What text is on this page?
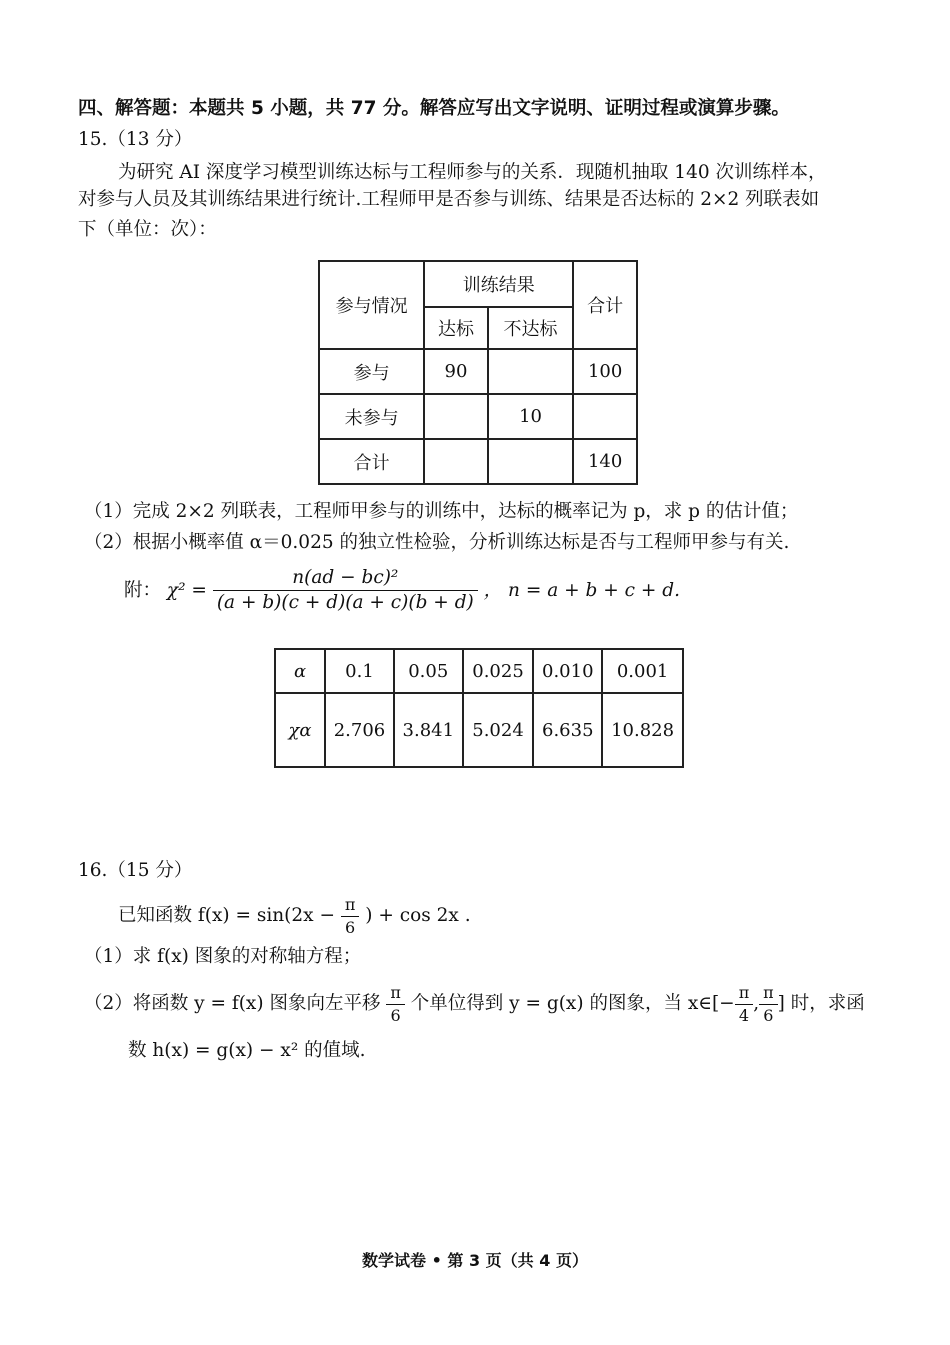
四、解答题：本题共 5 小题，共 77 分。解答应写出文字说明、证明过程或演算步骤。
15.（13 分）
为研究 AI 深度学习模型训练达标与工程师参与的关系．现随机抽取 140 次训练样本，
对参与人员及其训练结果进行统计.工程师甲是否参与训练、结果是否达标的 2×2 列联表如
下（单位：次）：
参与情况	训练结果		合计
	达标	不达标	
参与	90		100
未参与		10	
合计			140
（1）完成 2×2 列联表，工程师甲参与的训练中，达标的概率记为 p，求 p 的估计值；
（2）根据小概率值 α＝0.025 的独立性检验，分析训练达标是否与工程师甲参与有关.
附： $\chi^2 = \frac{\text{n(ad − bc)²}}{(a + b)(c + d)(a + c)(b + d)}$ ， n = a + b + c + d.
α	0.1	0.05	0.025	0.010	0.001
χα	2.706	3.841	5.024	6.635	10.828
16.（15 分）
已知函数 $f(x) = \sin(2x - \frac{\pi}{6}$ ) + cos 2x .
（1）求 f(x) 图象的对称轴方程；
（2）将函数 y = f(x) 图象向左平移 $\frac{\pi}{6}$ 个单位得到 y = g(x) 的图象，当 x∈[− $\frac{\pi}{4}$ , $\frac{\pi}{6}$ ] 时，求函
数 h(x) = g(x) − x² 的值域.
数学试卷 • 第 3 页（共 4 页）
